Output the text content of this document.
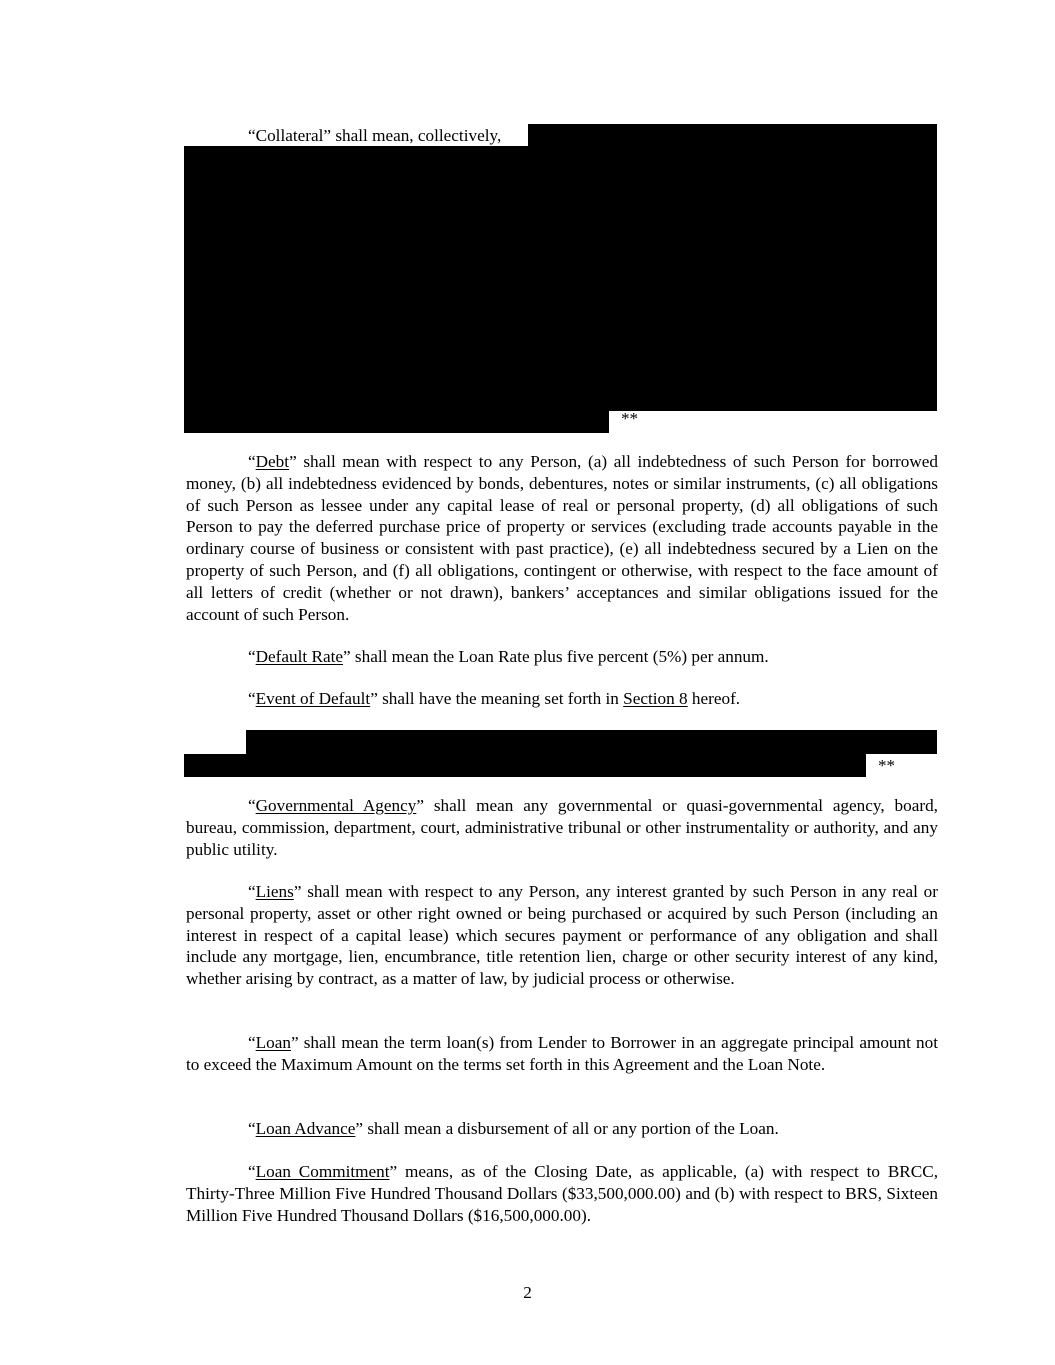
“Collateral” shall mean, collectively,

**

“Debt” shall mean with respect to any Person, (a) all indebtedness of such Person for borrowed money, (b) all indebtedness evidenced by bonds, debentures, notes or similar instruments, (c) all obligations of such Person as lessee under any capital lease of real or personal property, (d) all obligations of such Person to pay the deferred purchase price of property or services (excluding trade accounts payable in the ordinary course of business or consistent with past practice), (e) all indebtedness secured by a Lien on the property of such Person, and (f) all obligations, contingent or otherwise, with respect to the face amount of all letters of credit (whether or not drawn), bankers’ acceptances and similar obligations issued for the account of such Person.

“Default Rate” shall mean the Loan Rate plus five percent (5%) per annum.

“Event of Default” shall have the meaning set forth in Section 8 hereof.

**

“Governmental Agency” shall mean any governmental or quasi-governmental agency, board, bureau, commission, department, court, administrative tribunal or other instrumentality or authority, and any public utility.

“Liens” shall mean with respect to any Person, any interest granted by such Person in any real or personal property, asset or other right owned or being purchased or acquired by such Person (including an interest in respect of a capital lease) which secures payment or performance of any obligation and shall include any mortgage, lien, encumbrance, title retention lien, charge or other security interest of any kind, whether arising by contract, as a matter of law, by judicial process or otherwise.

“Loan” shall mean the term loan(s) from Lender to Borrower in an aggregate principal amount not to exceed the Maximum Amount on the terms set forth in this Agreement and the Loan Note.

“Loan Advance” shall mean a disbursement of all or any portion of the Loan.

“Loan Commitment” means, as of the Closing Date, as applicable, (a) with respect to BRCC, Thirty-Three Million Five Hundred Thousand Dollars ($33,500,000.00) and (b) with respect to BRS, Sixteen Million Five Hundred Thousand Dollars ($16,500,000.00).

2
